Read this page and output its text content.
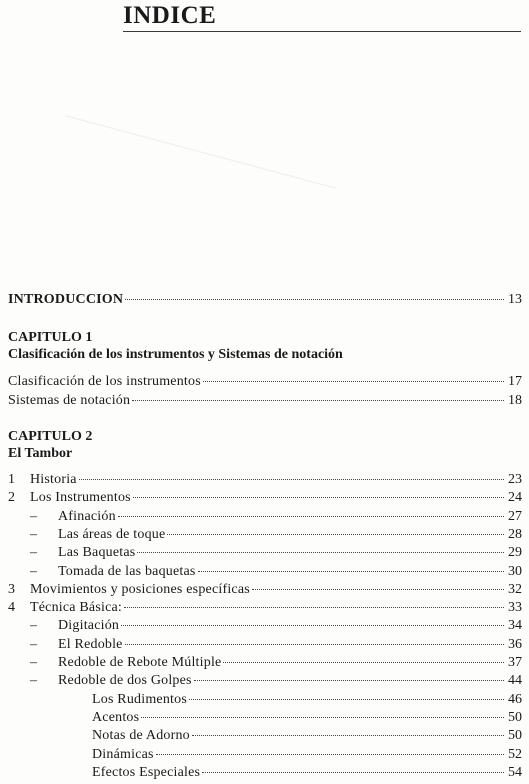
INDICE
INTRODUCCION	13
CAPITULO 1
Clasificación de los instrumentos y Sistemas de notación
Clasificación de los instrumentos	17
Sistemas de notación	18
CAPITULO 2
El Tambor
1	Historia	23
2	Los Instrumentos	24
–	Afinación	27
–	Las áreas de toque	28
–	Las Baquetas	29
–	Tomada de las baquetas	30
3	Movimientos y posiciones específicas	32
4	Técnica Básica:	33
–	Digitación	34
–	El Redoble	36
–	Redoble de Rebote Múltiple	37
–	Redoble de dos Golpes	44
Los Rudimentos	46
Acentos	50
Notas de Adorno	50
Dinámicas	52
Efectos Especiales	54
